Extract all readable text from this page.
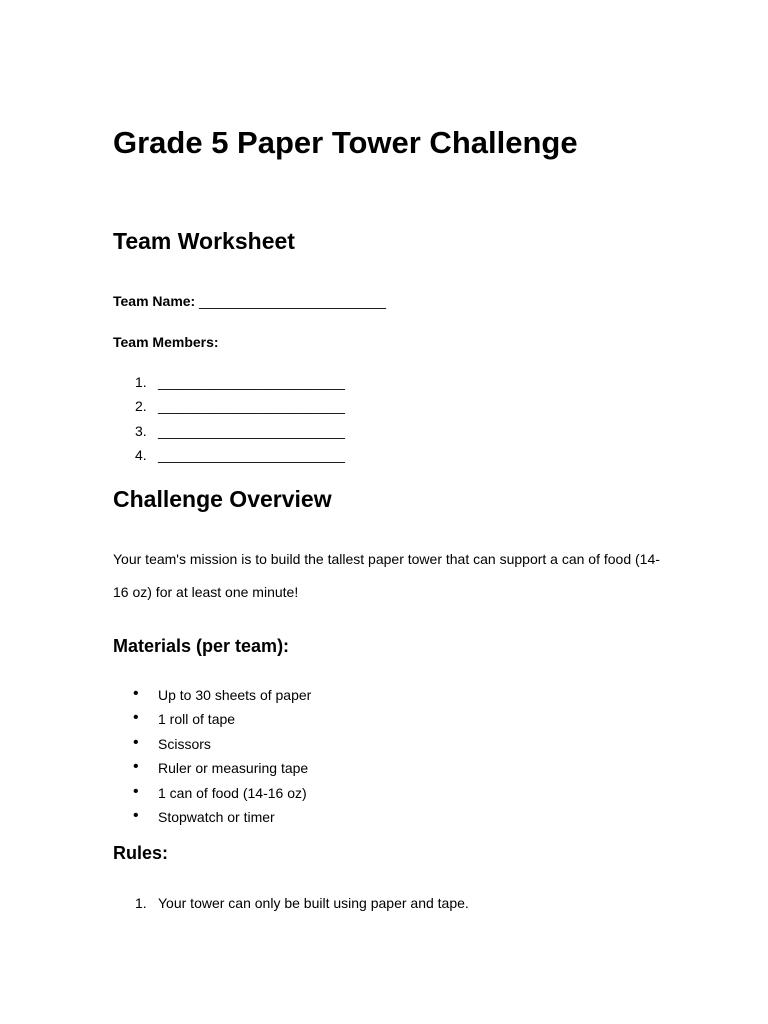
Grade 5 Paper Tower Challenge
Team Worksheet
Team Name: ________________________
Team Members:
1. ________________________
2. ________________________
3. ________________________
4. ________________________
Challenge Overview
Your team's mission is to build the tallest paper tower that can support a can of food (14-
16 oz) for at least one minute!
Materials (per team):
• Up to 30 sheets of paper
• 1 roll of tape
• Scissors
• Ruler or measuring tape
• 1 can of food (14-16 oz)
• Stopwatch or timer
Rules:
1. Your tower can only be built using paper and tape.
